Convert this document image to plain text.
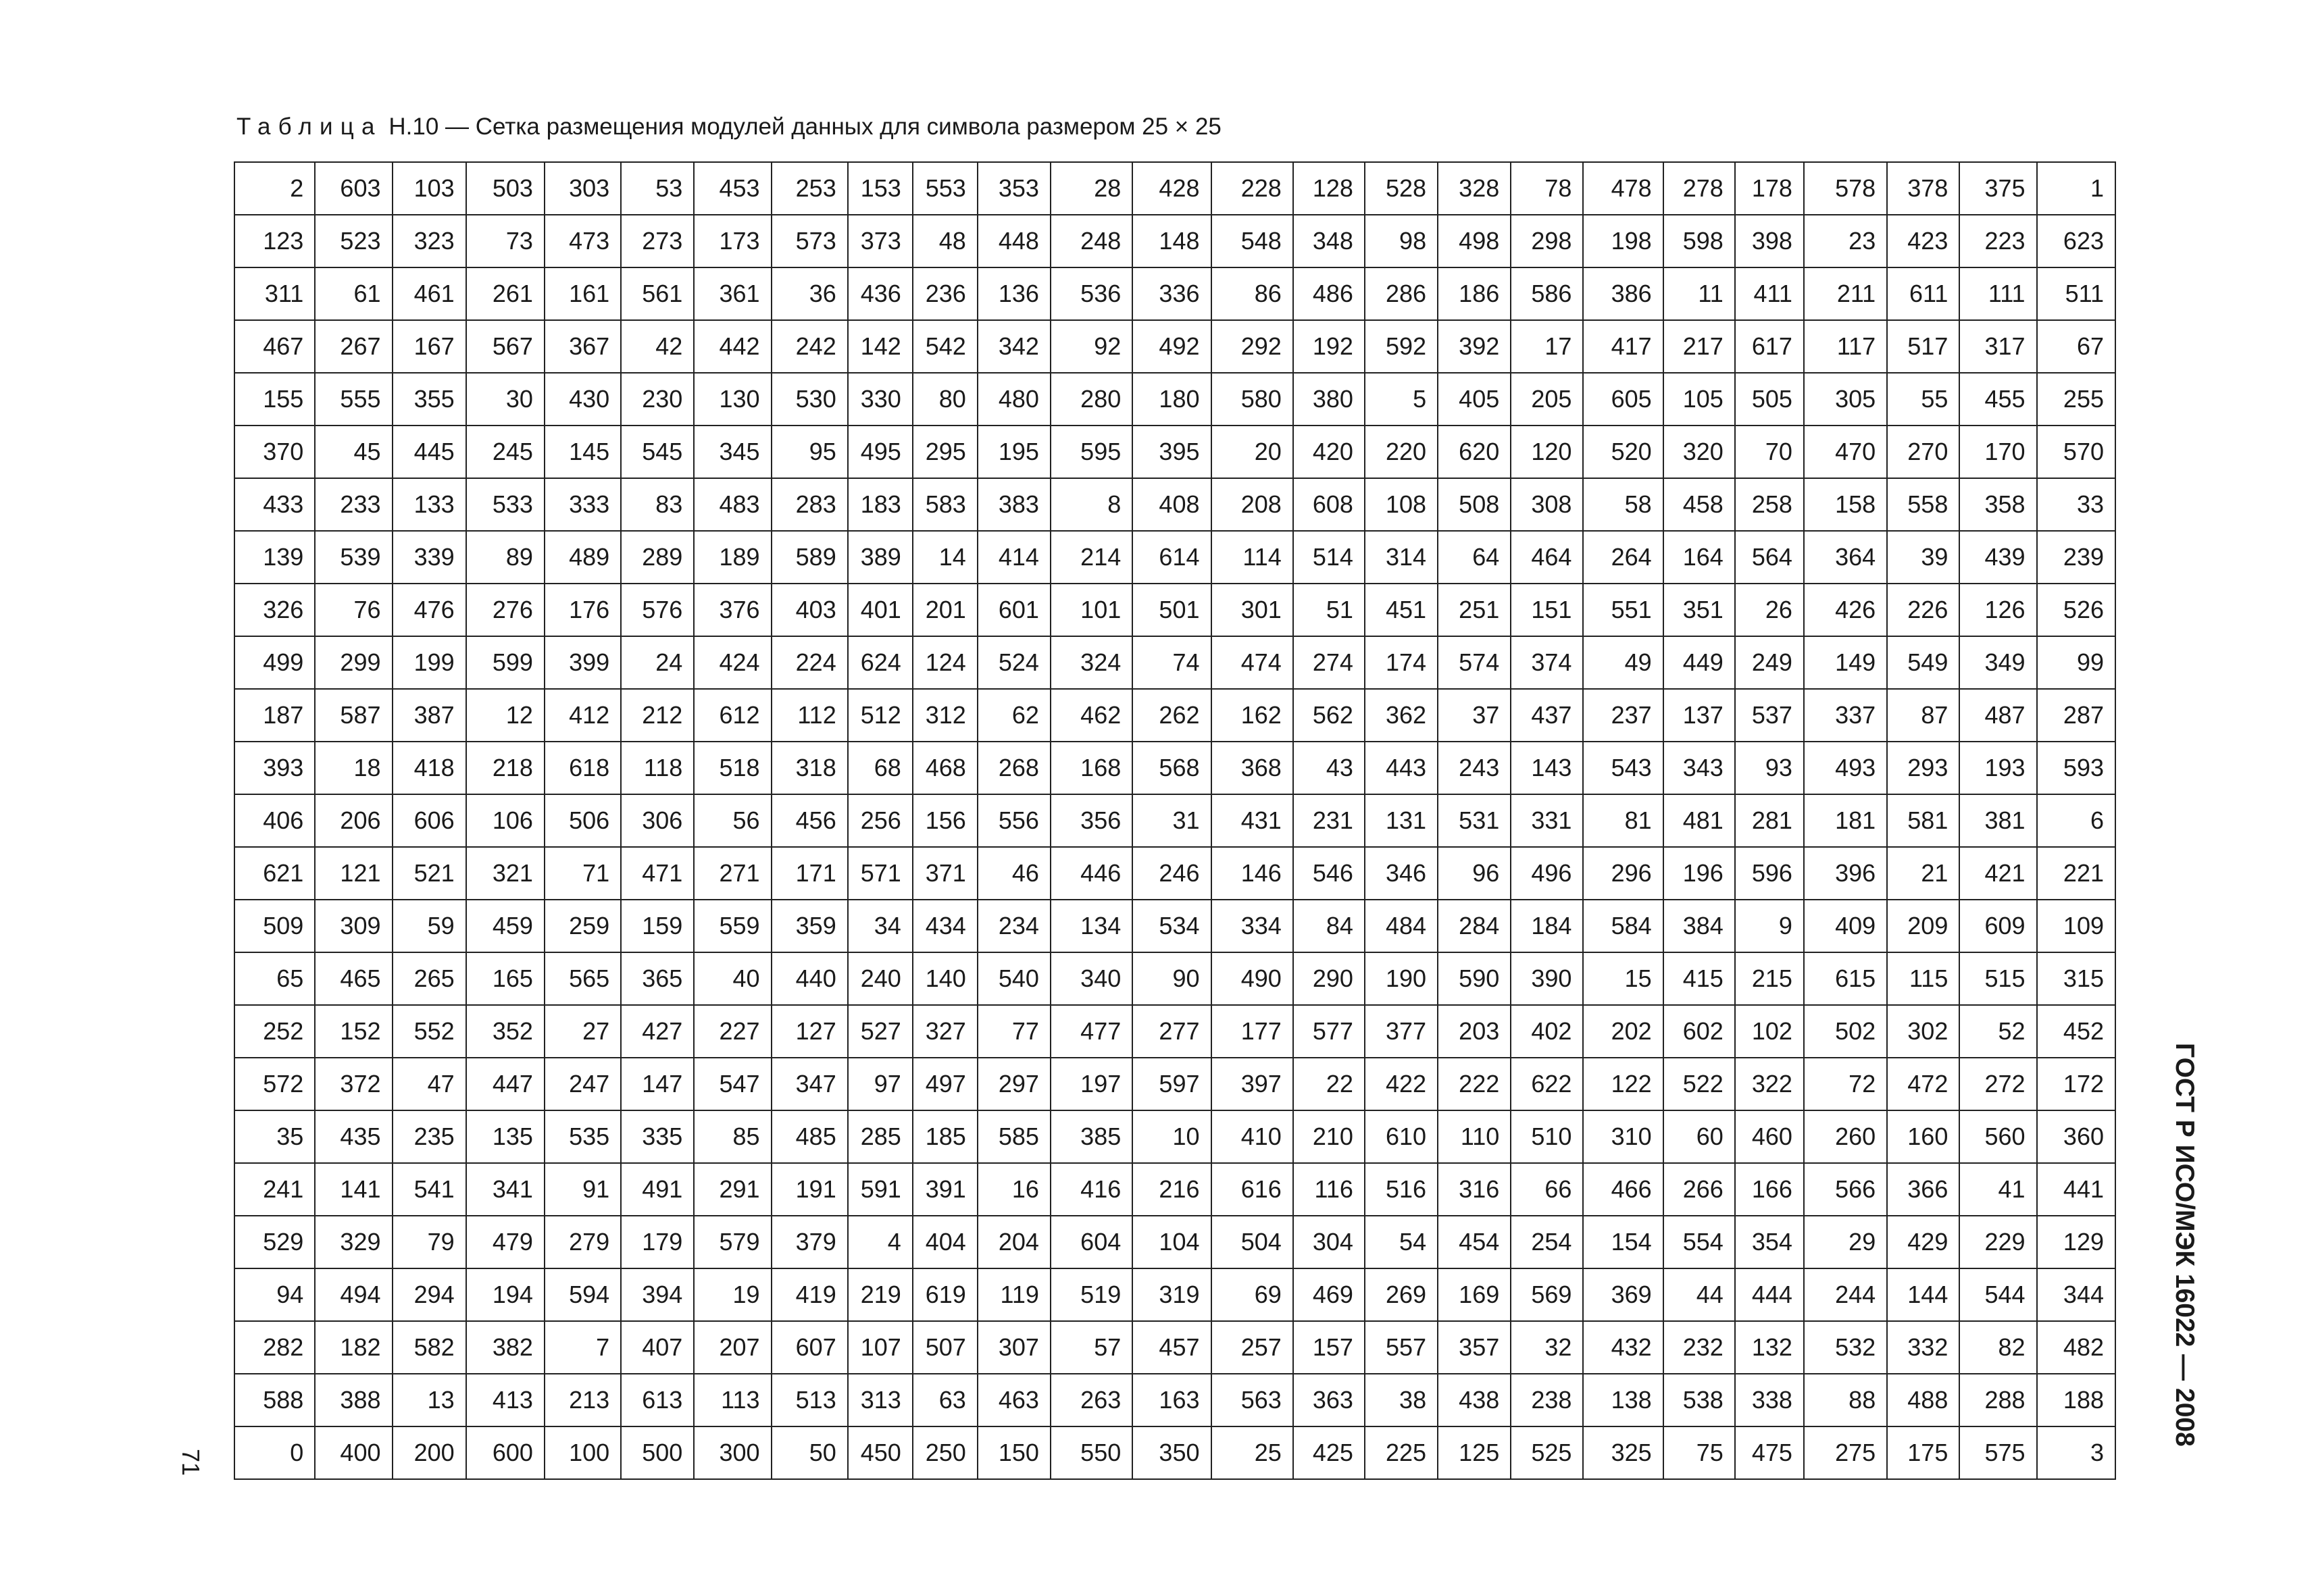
Таблица Н.10 — Сетка размещения модулей данных для символа размером 25 × 25
2	603	103	503	303	53	453	253	153	553	353	28	428	228	128	528	328	78	478	278	178	578	378	375	1
123	523	323	73	473	273	173	573	373	48	448	248	148	548	348	98	498	298	198	598	398	23	423	223	623
311	61	461	261	161	561	361	36	436	236	136	536	336	86	486	286	186	586	386	11	411	211	611	111	511
467	267	167	567	367	42	442	242	142	542	342	92	492	292	192	592	392	17	417	217	617	117	517	317	67
155	555	355	30	430	230	130	530	330	80	480	280	180	580	380	5	405	205	605	105	505	305	55	455	255
370	45	445	245	145	545	345	95	495	295	195	595	395	20	420	220	620	120	520	320	70	470	270	170	570
433	233	133	533	333	83	483	283	183	583	383	8	408	208	608	108	508	308	58	458	258	158	558	358	33
139	539	339	89	489	289	189	589	389	14	414	214	614	114	514	314	64	464	264	164	564	364	39	439	239
326	76	476	276	176	576	376	403	401	201	601	101	501	301	51	451	251	151	551	351	26	426	226	126	526
499	299	199	599	399	24	424	224	624	124	524	324	74	474	274	174	574	374	49	449	249	149	549	349	99
187	587	387	12	412	212	612	112	512	312	62	462	262	162	562	362	37	437	237	137	537	337	87	487	287
393	18	418	218	618	118	518	318	68	468	268	168	568	368	43	443	243	143	543	343	93	493	293	193	593
406	206	606	106	506	306	56	456	256	156	556	356	31	431	231	131	531	331	81	481	281	181	581	381	6
621	121	521	321	71	471	271	171	571	371	46	446	246	146	546	346	96	496	296	196	596	396	21	421	221
509	309	59	459	259	159	559	359	34	434	234	134	534	334	84	484	284	184	584	384	9	409	209	609	109
65	465	265	165	565	365	40	440	240	140	540	340	90	490	290	190	590	390	15	415	215	615	115	515	315
252	152	552	352	27	427	227	127	527	327	77	477	277	177	577	377	203	402	202	602	102	502	302	52	452
572	372	47	447	247	147	547	347	97	497	297	197	597	397	22	422	222	622	122	522	322	72	472	272	172
35	435	235	135	535	335	85	485	285	185	585	385	10	410	210	610	110	510	310	60	460	260	160	560	360
241	141	541	341	91	491	291	191	591	391	16	416	216	616	116	516	316	66	466	266	166	566	366	41	441
529	329	79	479	279	179	579	379	4	404	204	604	104	504	304	54	454	254	154	554	354	29	429	229	129
94	494	294	194	594	394	19	419	219	619	119	519	319	69	469	269	169	569	369	44	444	244	144	544	344
282	182	582	382	7	407	207	607	107	507	307	57	457	257	157	557	357	32	432	232	132	532	332	82	482
588	388	13	413	213	613	113	513	313	63	463	263	163	563	363	38	438	238	138	538	338	88	488	288	188
0	400	200	600	100	500	300	50	450	250	150	550	350	25	425	225	125	525	325	75	475	275	175	575	3
ГОСТ Р ИСО/МЭК 16022 — 2008
71
